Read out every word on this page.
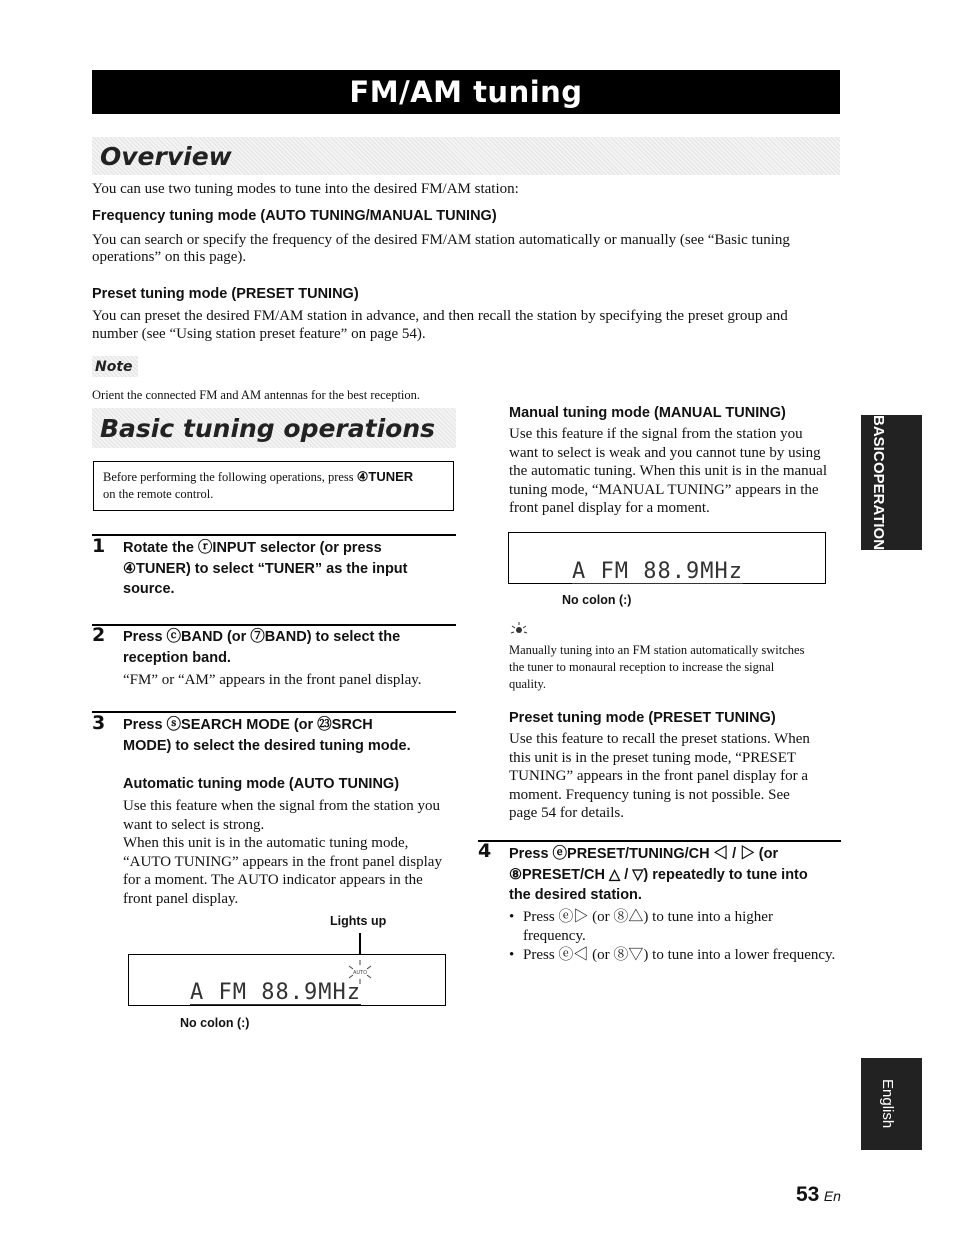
FM/AM tuning
Overview
You can use two tuning modes to tune into the desired FM/AM station:
Frequency tuning mode (AUTO TUNING/MANUAL TUNING)
You can search or specify the frequency of the desired FM/AM station automatically or manually (see “Basic tuning
operations” on this page).
Preset tuning mode (PRESET TUNING)
You can preset the desired FM/AM station in advance, and then recall the station by specifying the preset group and
number (see “Using station preset feature” on page 54).
Note
Orient the connected FM and AM antennas for the best reception.
Basic tuning operations
Before performing the following operations, press ④TUNER
on the remote control.
1 Rotate the ⓡINPUT selector (or press
④TUNER) to select “TUNER” as the input
source.
2 Press ⓒBAND (or ⑦BAND) to select the
reception band.
“FM” or “AM” appears in the front panel display.
3 Press ⓢSEARCH MODE (or ㉓SRCH
MODE) to select the desired tuning mode.
Automatic tuning mode (AUTO TUNING)
Use this feature when the signal from the station you
want to select is strong.
When this unit is in the automatic tuning mode,
“AUTO TUNING” appears in the front panel display
for a moment. The AUTO indicator appears in the
front panel display.
Lights up
AUTO
A FM 88.9MHz
No colon (:)
Manual tuning mode (MANUAL TUNING)
Use this feature if the signal from the station you
want to select is weak and you cannot tune by using
the automatic tuning. When this unit is in the manual
tuning mode, “MANUAL TUNING” appears in the
front panel display for a moment.
A FM 88.9MHz
No colon (:)
Manually tuning into an FM station automatically switches
the tuner to monaural reception to increase the signal
quality.
Preset tuning mode (PRESET TUNING)
Use this feature to recall the preset stations. When
this unit is in the preset tuning mode, “PRESET
TUNING” appears in the front panel display for a
moment. Frequency tuning is not possible. See
page 54 for details.
4 Press ⓔPRESET/TUNING/CH ◁ / ▷ (or
⑧PRESET/CH △ / ▽) repeatedly to tune into
the desired station.
• Press ⓔ▷ (or ⑧△) to tune into a higher
frequency.
• Press ⓔ◁ (or ⑧▽) to tune into a lower frequency.
BASIC
OPERATION
English
53 En
